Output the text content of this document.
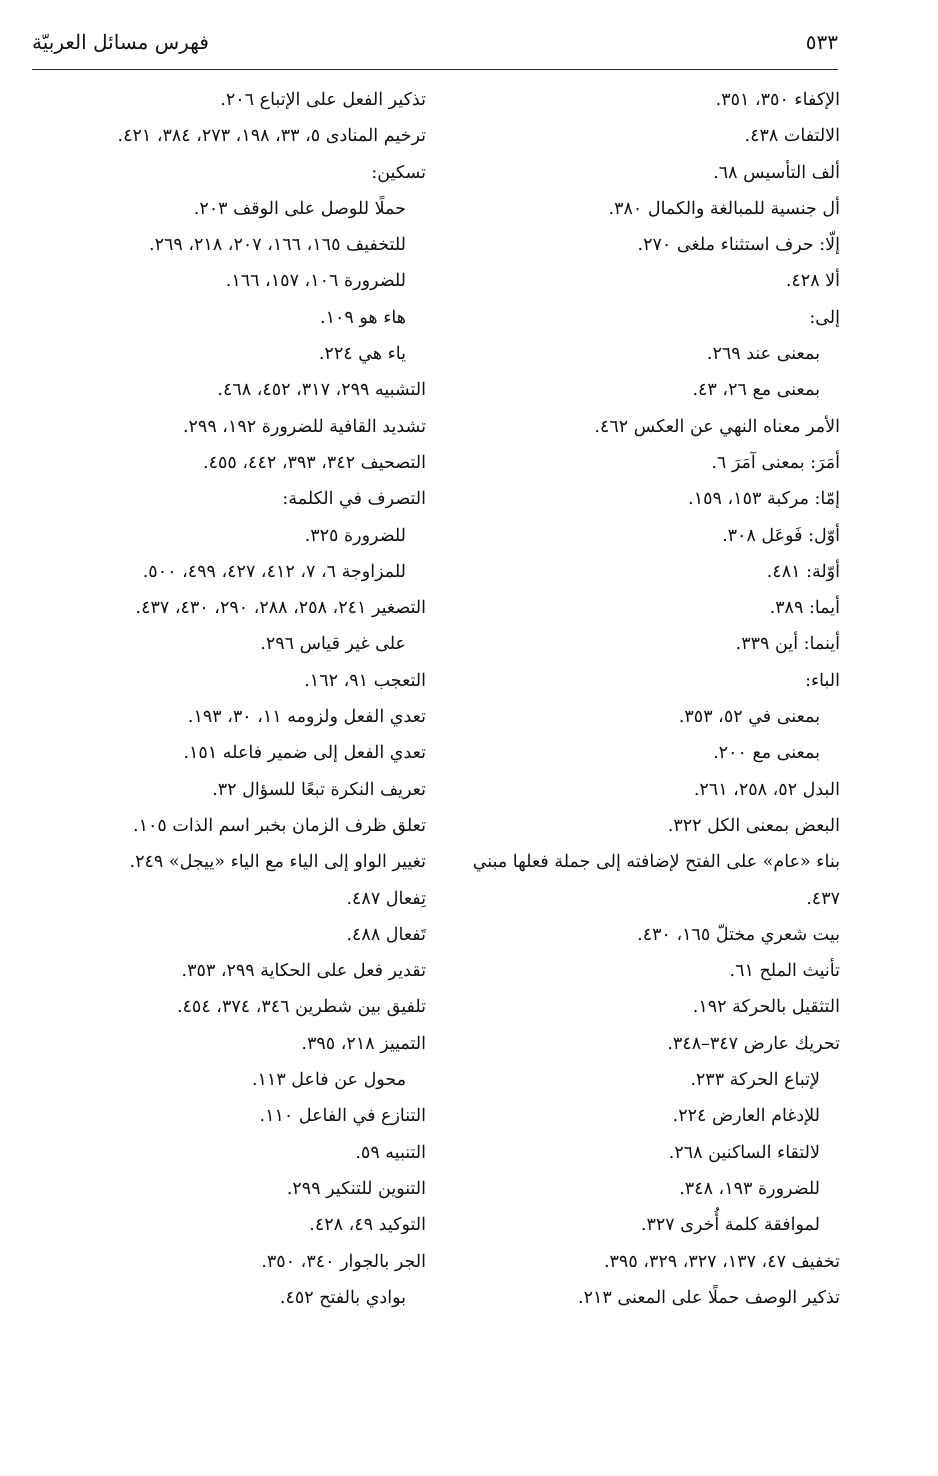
٥٣٣
فهرس مسائل العربيّة
الإكفاء ٣٥٠، ٣٥١.
الالتفات ٤٣٨.
ألف التأسيس ٦٨.
أل جنسية للمبالغة والكمال ٣٨٠.
إلّا: حرف استثناء ملغى ٢٧٠.
ألا ٤٢٨.
إلى:
بمعنى عند ٢٦٩.
بمعنى مع ٢٦، ٤٣.
الأمر معناه النهي عن العكس ٤٦٢.
أمَرَ: بمعنى آمَرَ ٦.
إمّا: مركبة ١٥٣، ١٥٩.
أوّل: فَوعَل ٣٠٨.
أوّلة: ٤٨١.
أيما: ٣٨٩.
أينما: أين ٣٣٩.
الباء:
بمعنى في ٥٢، ٣٥٣.
بمعنى مع ٢٠٠.
البدل ٥٢، ٢٥٨، ٢٦١.
البعض بمعنى الكل ٣٢٢.
بناء «عام» على الفتح لإضافته إلى جملة فعلها مبني
٤٣٧.
بيت شعري مختلّ ١٦٥، ٤٣٠.
تأنيث الملح ٦١.
التثقيل بالحركة ١٩٢.
تحريك عارض ٣٤٧–٣٤٨.
لإتباع الحركة ٢٣٣.
للإدغام العارض ٢٢٤.
لالتقاء الساكنين ٢٦٨.
للضرورة ١٩٣، ٣٤٨.
لموافقة كلمة أُخرى ٣٢٧.
تخفيف ٤٧، ١٣٧، ٣٢٧، ٣٢٩، ٣٩٥.
تذكير الوصف حملًا على المعنى ٢١٣.
تذكير الفعل على الإتباع ٢٠٦.
ترخيم المنادى ٥، ٣٣، ١٩٨، ٢٧٣، ٣٨٤، ٤٢١.
تسكين:
حملًا للوصل على الوقف ٢٠٣.
للتخفيف ١٦٥، ١٦٦، ٢٠٧، ٢١٨، ٢٦٩.
للضرورة ١٠٦، ١٥٧، ١٦٦.
هاء هو ١٠٩.
ياء هي ٢٢٤.
التشبيه ٢٩٩، ٣١٧، ٤٥٢، ٤٦٨.
تشديد القافية للضرورة ١٩٢، ٢٩٩.
التصحيف ٣٤٢، ٣٩٣، ٤٤٢، ٤٥٥.
التصرف في الكلمة:
للضرورة ٣٢٥.
للمزاوجة ٦، ٧، ٤١٢، ٤٢٧، ٤٩٩، ٥٠٠.
التصغير ٢٤١، ٢٥٨، ٢٨٨، ٢٩٠، ٤٣٠، ٤٣٧.
على غير قياس ٢٩٦.
التعجب ٩١، ١٦٢.
تعدي الفعل ولزومه ١١، ٣٠، ١٩٣.
تعدي الفعل إلى ضمير فاعله ١٥١.
تعريف النكرة تبعًا للسؤال ٣٢.
تعلق ظرف الزمان بخبر اسم الذات ١٠٥.
تغيير الواو إلى الياء مع الياء «ييجل» ٢٤٩.
تِفعال ٤٨٧.
تَفعال ٤٨٨.
تقدير فعل على الحكاية ٢٩٩، ٣٥٣.
تلفيق بين شطرين ٣٤٦، ٣٧٤، ٤٥٤.
التمييز ٢١٨، ٣٩٥.
محول عن فاعل ١١٣.
التنازع في الفاعل ١١٠.
التنبيه ٥٩.
التنوين للتنكير ٢٩٩.
التوكيد ٤٩، ٤٢٨.
الجر بالجوار ٣٤٠، ٣٥٠.
بوادي بالفتح ٤٥٢.
